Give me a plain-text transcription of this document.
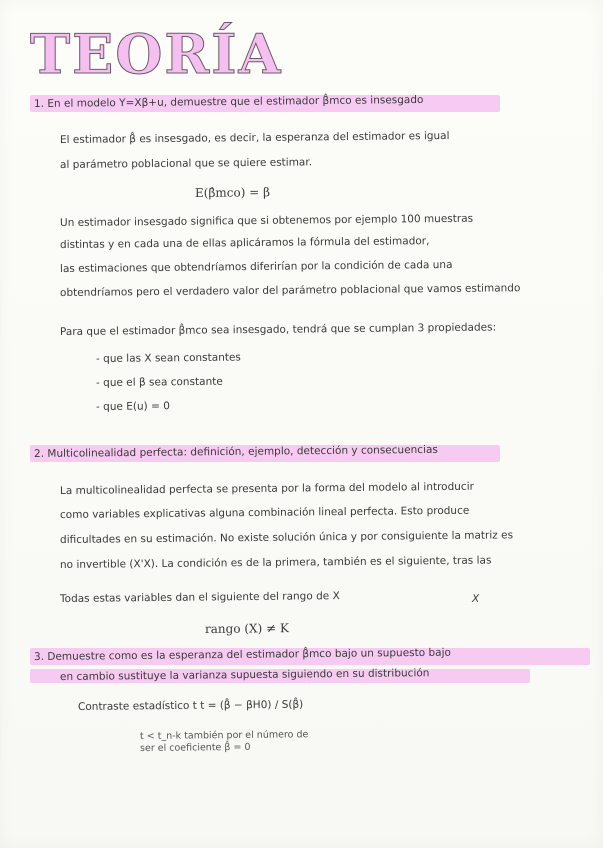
TEORÍA
1. En el modelo Y=Xβ+u, demuestre que el estimador β̂mco es insesgado
El estimador β̂ es insesgado, es decir, la esperanza del estimador es igual
al parámetro poblacional que se quiere estimar.
E(β̂mco) = β
Un estimador insesgado significa que si obtenemos por ejemplo 100 muestras
distintas y en cada una de ellas aplicáramos la fórmula del estimador,
las estimaciones que obtendríamos diferirían por la condición de cada una
obtendríamos pero el verdadero valor del parámetro poblacional que vamos estimando
Para que el estimador β̂mco sea insesgado, tendrá que se cumplan 3 propiedades:
- que las X sean constantes
- que el β sea constante
- que E(u) = 0
2. Multicolinealidad perfecta: definición, ejemplo, detección y consecuencias
La multicolinealidad perfecta se presenta por la forma del modelo al introducir
como variables explicativas alguna combinación lineal perfecta. Esto produce
dificultades en su estimación. No existe solución única y por consiguiente la matriz es
no invertible (X'X). La condición es de la primera, también es el siguiente, tras las
Todas estas variables dan el siguiente del rango de X	X
rango (X) ≠ K
3. Demuestre como es la esperanza del estimador β̂mco bajo un supuesto bajo
en cambio sustituye la varianza supuesta siguiendo en su distribución
Contraste estadístico t t = (β̂ − βH0) / S(β̂)
t < t_n-k también por el número de
ser el coeficiente β̂ = 0
